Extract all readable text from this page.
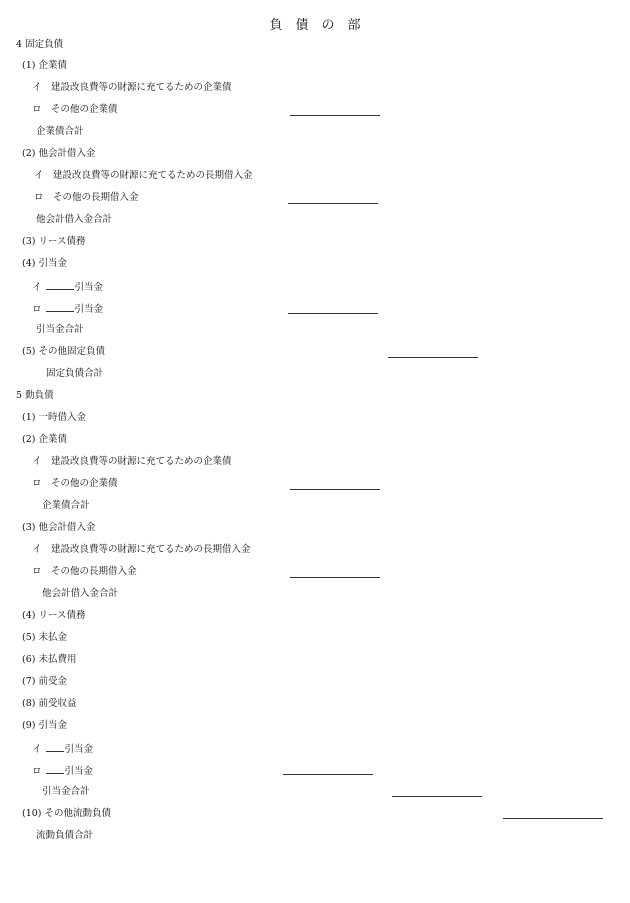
負　債　の　部
4 固定負債
(1) 企業債
イ　建設改良費等の財源に充てるための企業債
ロ　その他の企業債
企業債合計
(2) 他会計借入金
イ　建設改良費等の財源に充てるための長期借入金
ロ　その他の長期借入金
他会計借入金合計
(3) リース債務
(4) 引当金
イ	引当金
ロ	引当金
引当金合計
(5) その他固定負債
固定負債合計
5 動負債
(1) 一時借入金
(2) 企業債
イ　建設改良費等の財源に充てるための企業債
ロ　その他の企業債
企業債合計
(3) 他会計借入金
イ　建設改良費等の財源に充てるための長期借入金
ロ　その他の長期借入金
他会計借入金合計
(4) リース債務
(5) 未払金
(6) 未払費用
(7) 前受金
(8) 前受収益
(9) 引当金
イ 引当金
ロ 引当金
引当金合計
(10) その他流動負債
流動負債合計
